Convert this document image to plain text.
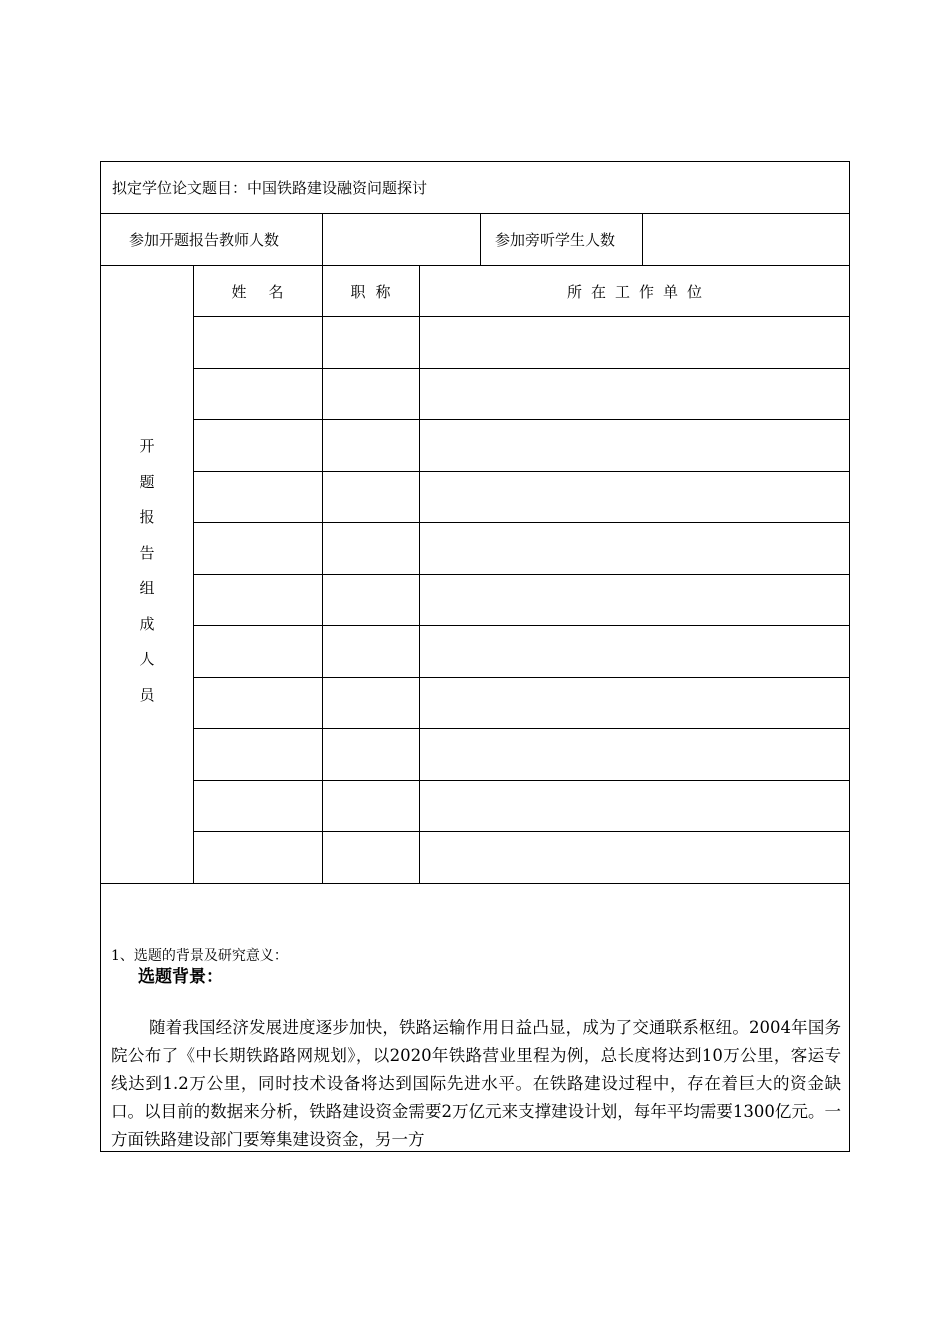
拟定学位论文题目：中国铁路建设融资问题探讨
参加开题报告教师人数	参加旁听学生人数
姓名	职称	所在工作单位
开
题
报
告
组
成
人
员
1、选题的背景及研究意义：
选题背景：

随着我国经济发展进度逐步加快，铁路运输作用日益凸显，成为了交通联系枢纽。2004年国务院公布了《中长期铁路路网规划》，以2020年铁路营业里程为例，总长度将达到10万公里，客运专线达到1.2万公里，同时技术设备将达到国际先进水平。在铁路建设过程中，存在着巨大的资金缺口。以目前的数据来分析，铁路建设资金需要2万亿元来支撑建设计划，每年平均需要1300亿元。一方面铁路建设部门要筹集建设资金，另一方
